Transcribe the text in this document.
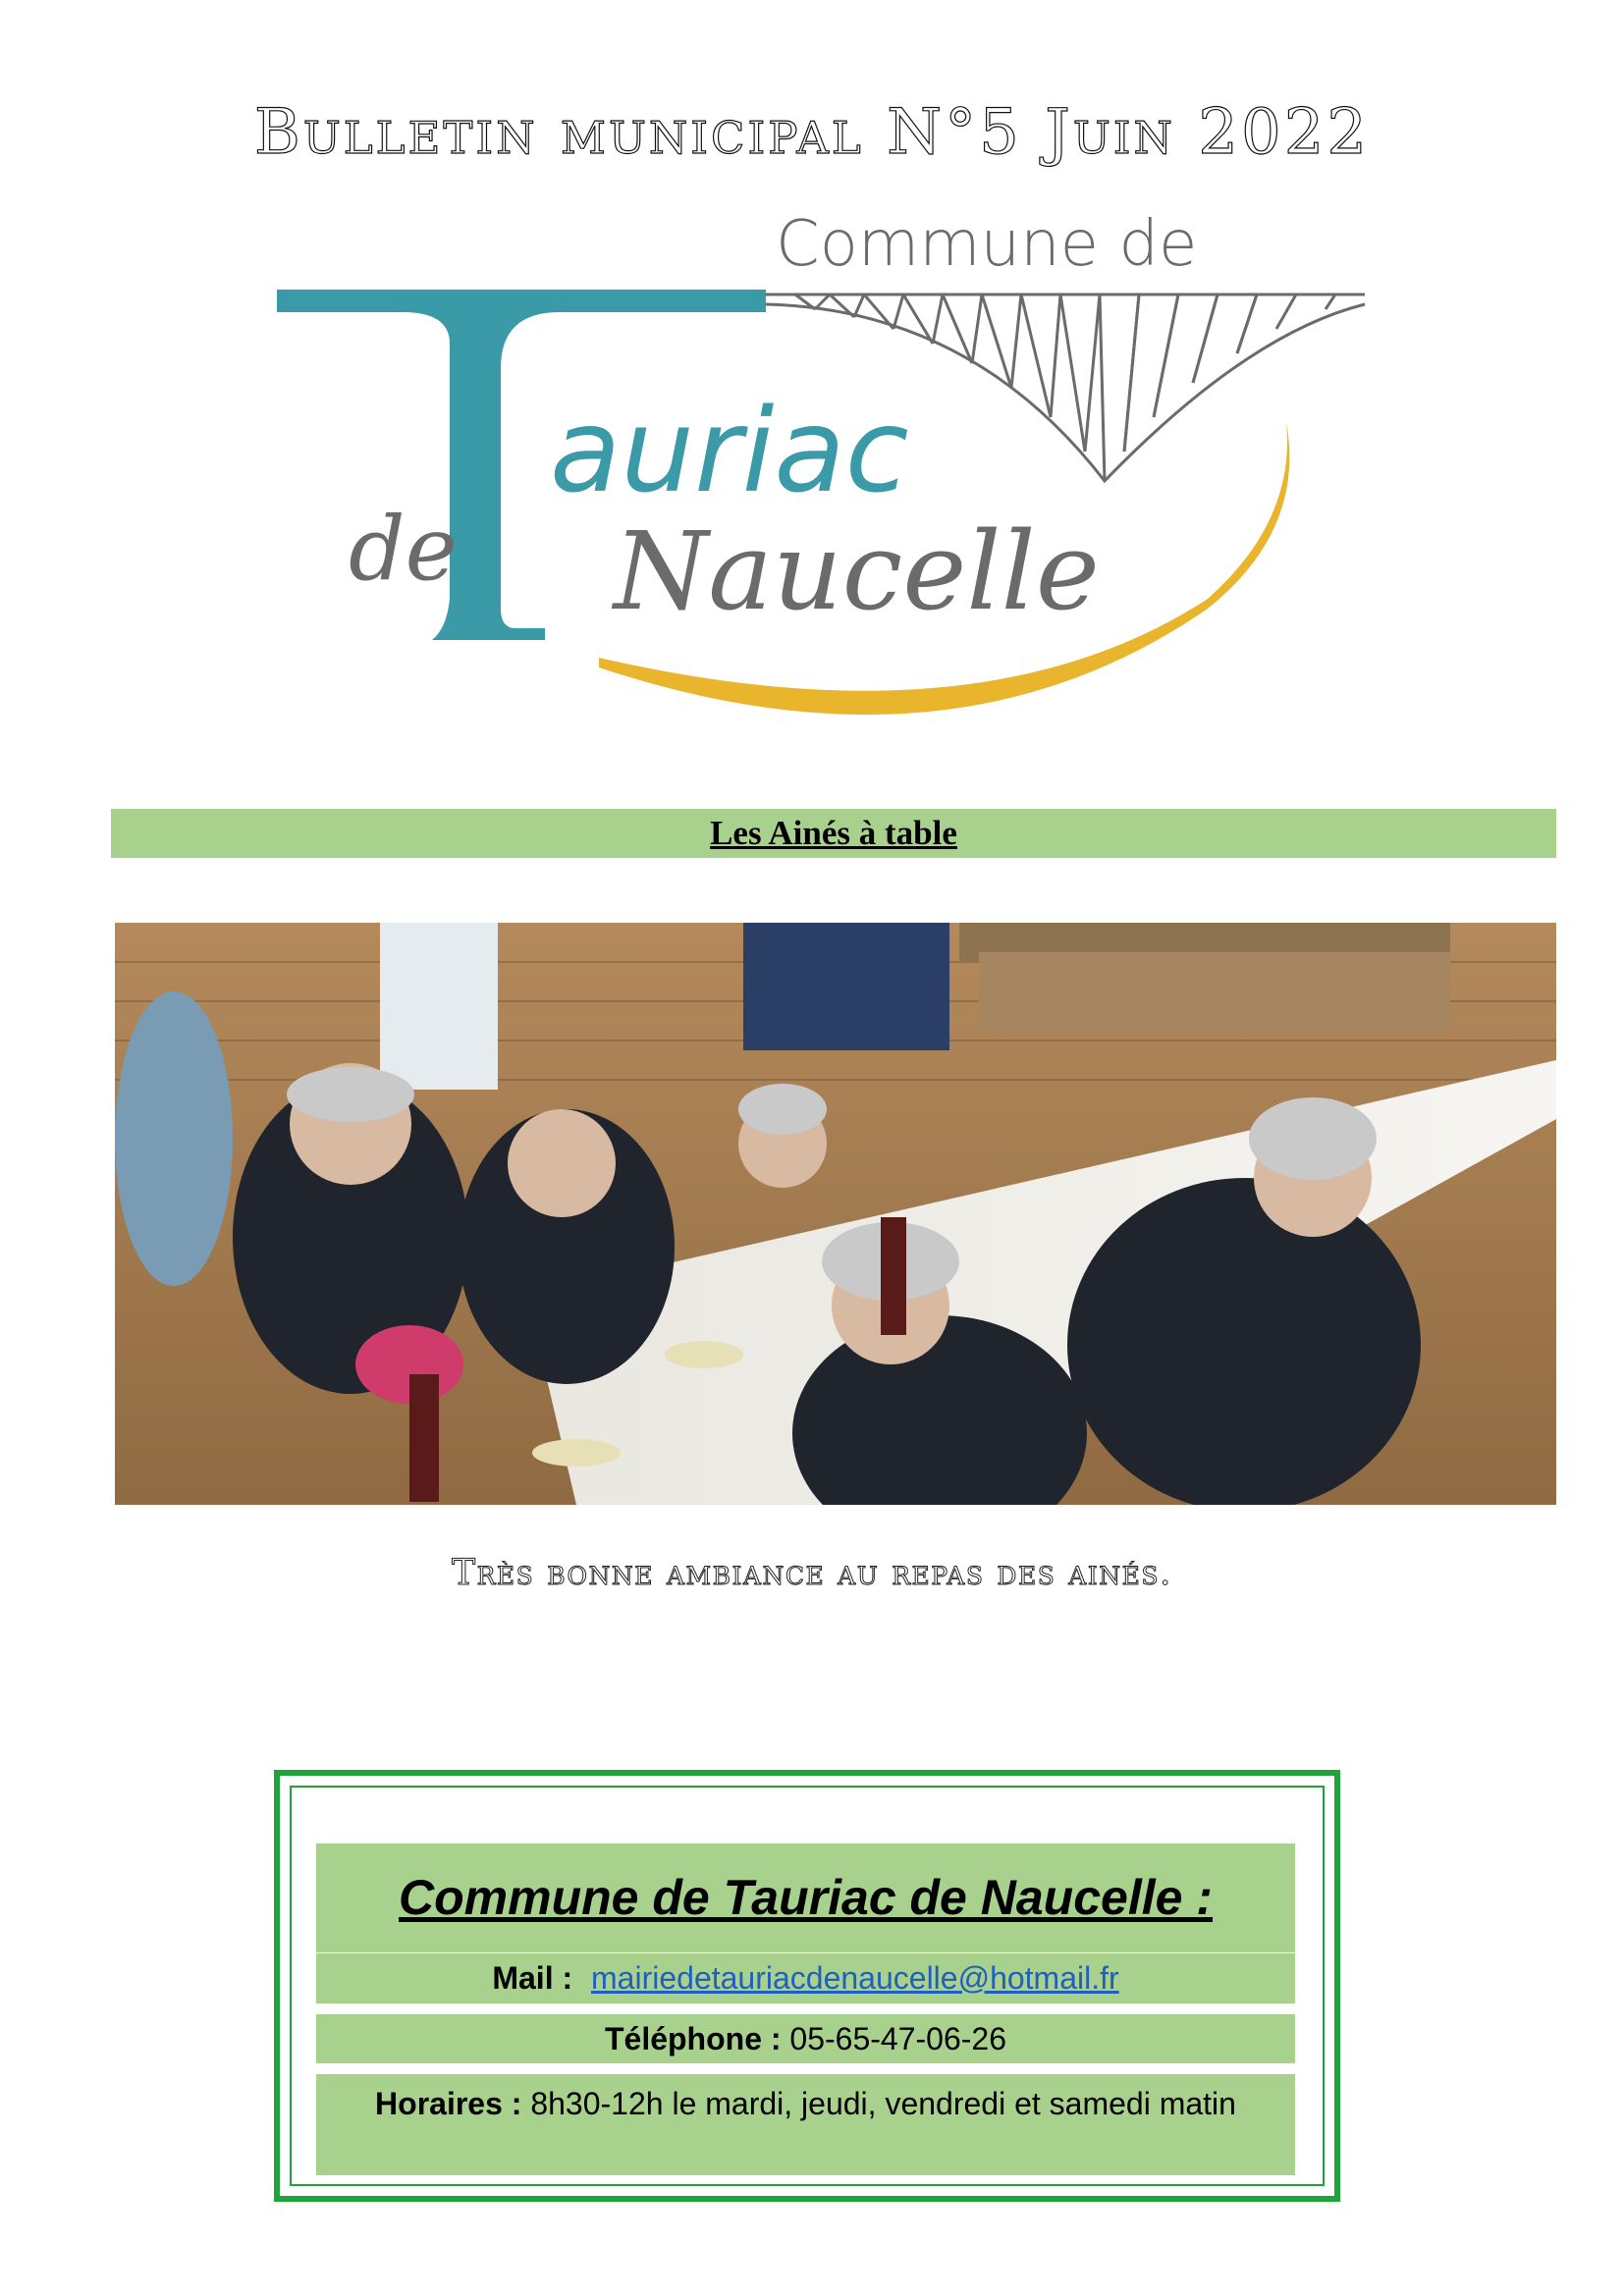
Bulletin municipal N°5 Juin 2022
Commune de
auriac
de Naucelle
Les Ainés à table
Très bonne ambiance au repas des ainés.
Commune de Tauriac de Naucelle :
Mail : mairiedetauriacdenaucelle@hotmail.fr
Téléphone : 05-65-47-06-26
Horaires : 8h30-12h le mardi, jeudi, vendredi et samedi matin
